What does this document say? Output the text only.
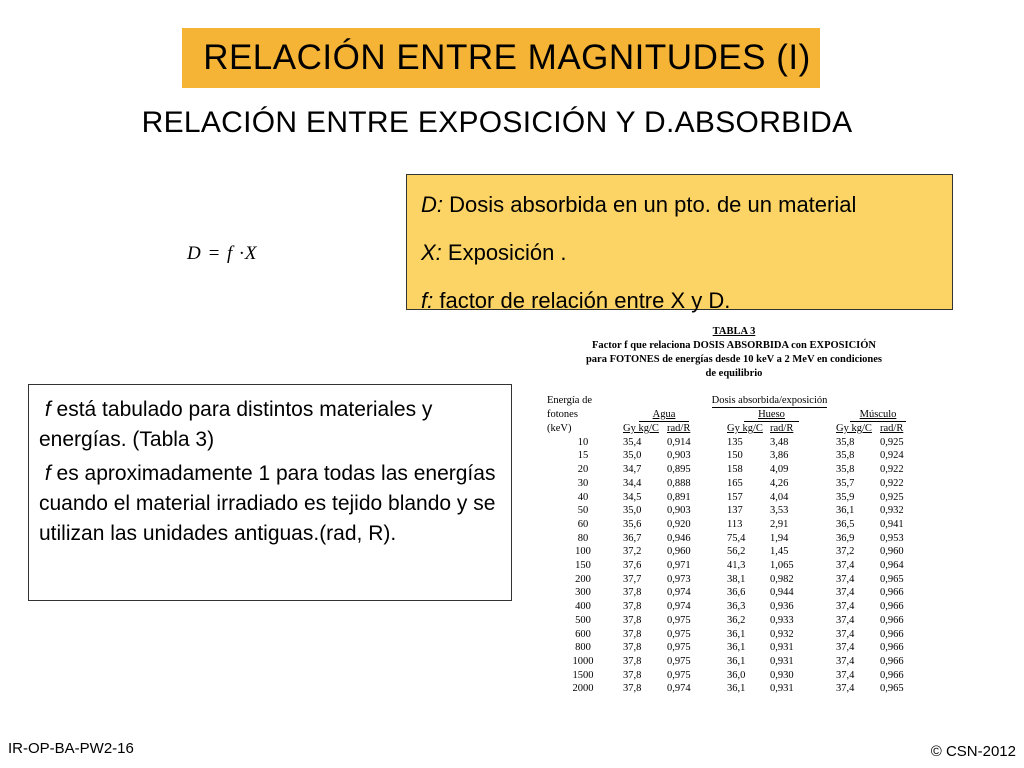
RELACIÓN ENTRE MAGNITUDES (I)
RELACIÓN ENTRE EXPOSICIÓN Y D.ABSORBIDA
D = f ·X
D: Dosis absorbida en un pto. de un material
X: Exposición .
f: factor de relación entre X y D.

f está tabulado para distintos materiales y energías. (Tabla 3)

f es aproximadamente 1 para todas las energías cuando el material irradiado es tejido blando y se utilizan las unidades antiguas.(rad, R).

TABLA 3
Factor f que relaciona DOSIS ABSORBIDA con EXPOSICIÓN
para FOTONES de energías desde 10 keV a 2 MeV en condiciones
de equilibrio
Energía de	Dosis absorbida/exposición					
fotones	Agua		Hueso		Músculo	
(keV)	Gy kg/C	rad/R	Gy kg/C	rad/R	Gy kg/C	rad/R
10	35,4	0,914	135	3,48	35,8	0,925
15	35,0	0,903	150	3,86	35,8	0,924
20	34,7	0,895	158	4,09	35,8	0,922
30	34,4	0,888	165	4,26	35,7	0,922
40	34,5	0,891	157	4,04	35,9	0,925
50	35,0	0,903	137	3,53	36,1	0,932
60	35,6	0,920	113	2,91	36,5	0,941
80	36,7	0,946	75,4	1,94	36,9	0,953
100	37,2	0,960	56,2	1,45	37,2	0,960
150	37,6	0,971	41,3	1,065	37,4	0,964
200	37,7	0,973	38,1	0,982	37,4	0,965
300	37,8	0,974	36,6	0,944	37,4	0,966
400	37,8	0,974	36,3	0,936	37,4	0,966
500	37,8	0,975	36,2	0,933	37,4	0,966
600	37,8	0,975	36,1	0,932	37,4	0,966
800	37,8	0,975	36,1	0,931	37,4	0,966
1000	37,8	0,975	36,1	0,931	37,4	0,966
1500	37,8	0,975	36,0	0,930	37,4	0,966
2000	37,8	0,974	36,1	0,931	37,4	0,965
IR-OP-BA-PW2-16	© CSN-2012
